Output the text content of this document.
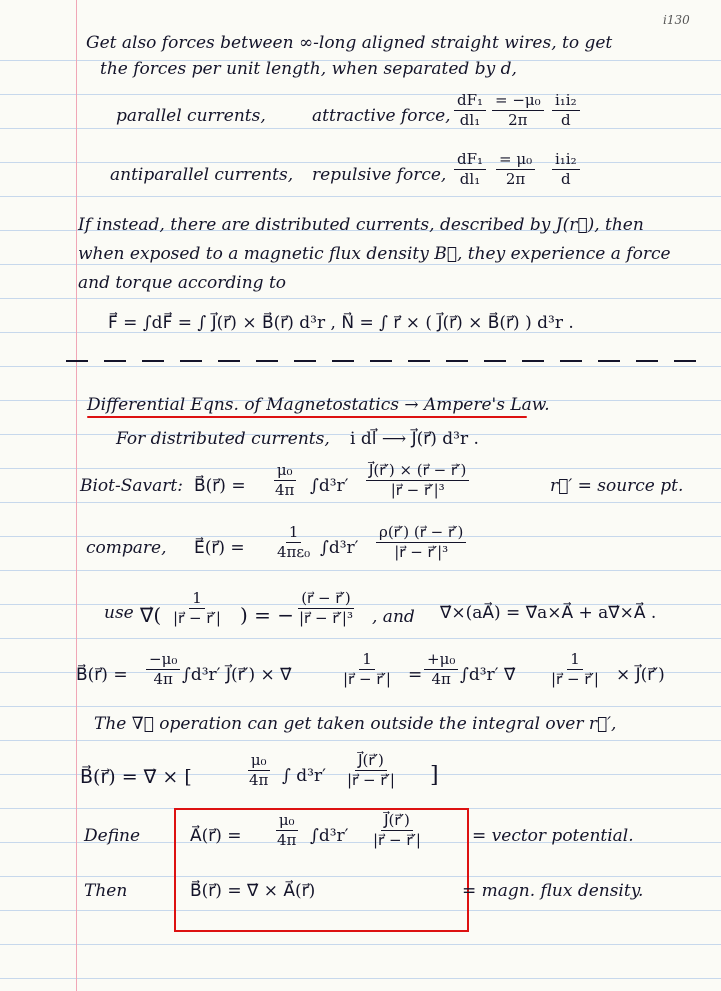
i130
Get also forces between ∞-long aligned straight wires, to get
the forces per unit length, when separated by d,
parallel currents,	attractive force, $\frac{\text{dF₁}}{\text{dl₁}} \frac{\text{= −μ₀}}{2\pi} \frac{\text{i₁i₂}}{d}$
antiparallel currents, repulsive force, $\frac{\text{dF₁}}{\text{dl₁}} \frac{\text{= μ₀}}{2\pi} \frac{\text{i₁i₂}}{d}$
If instead, there are distributed currents, described by J(r⃗), then
when exposed to a magnetic flux density B⃗, they experience a force
and torque according to
F⃗ = ∫dF⃗ = ∫ J⃗(r⃗) × B⃗(r⃗) d³r , N⃗ = ∫ r⃗ × ( J⃗(r⃗) × B⃗(r⃗) ) d³r .
Differential Eqns. of Magnetostatics → Ampere's Law.
For distributed currents, i dl⃗ ⟶ J⃗(r⃗) d³r .
Biot-Savart: B⃗(r⃗) = $\frac{\text{μ₀}}{4\pi} \int d^3r' \frac{J⃗(r⃗') \times (r⃗ - r⃗')}{\text{|r⃗ − r⃗′|³}}$	r⃗′ = source pt.
compare, E⃗(r⃗) = $\frac{1}{\text{4πε₀}} \int d^3r' \frac{\rho(r⃗') (r⃗ - r⃗')}{\text{|r⃗ − r⃗′|³}}$
use ∇⃗( $\frac{1}{|r⃗ - r⃗'|}$ ) = − $\frac{(r⃗ - r⃗')}{\text{|r⃗ − r⃗′|³}}$ , and ∇⃗×(aA⃗) = ∇⃗a×A⃗ + a∇⃗×A⃗ .
B⃗(r⃗) = $\frac{\text{−μ₀}}{4\pi} \int d^3r'$ J⃗(r⃗′) × ∇⃗	$\frac{1}{|r⃗ - r⃗'|} = \frac{\text{+μ₀}}{4\pi} \int d^3r'$ ∇⃗ $\frac{1}{|r⃗ - r⃗'|}$ × J⃗(r⃗′)
The ∇⃗ operation can get taken outside the integral over r⃗′,
B⃗(r⃗) = ∇⃗ × [	$\frac{\text{μ₀}}{4\pi}$ ∫ $d^3r' \frac{J⃗(r⃗')}{|r⃗ - r⃗'|}$ ]
Define	A⃗(r⃗) = $\frac{\text{μ₀}}{4\pi} \int d^3r' \frac{J⃗(r⃗')}{|r⃗ - r⃗'|}$	= vector potential.
Then	B⃗(r⃗) = ∇⃗ × A⃗(r⃗)	= magn. flux density.
